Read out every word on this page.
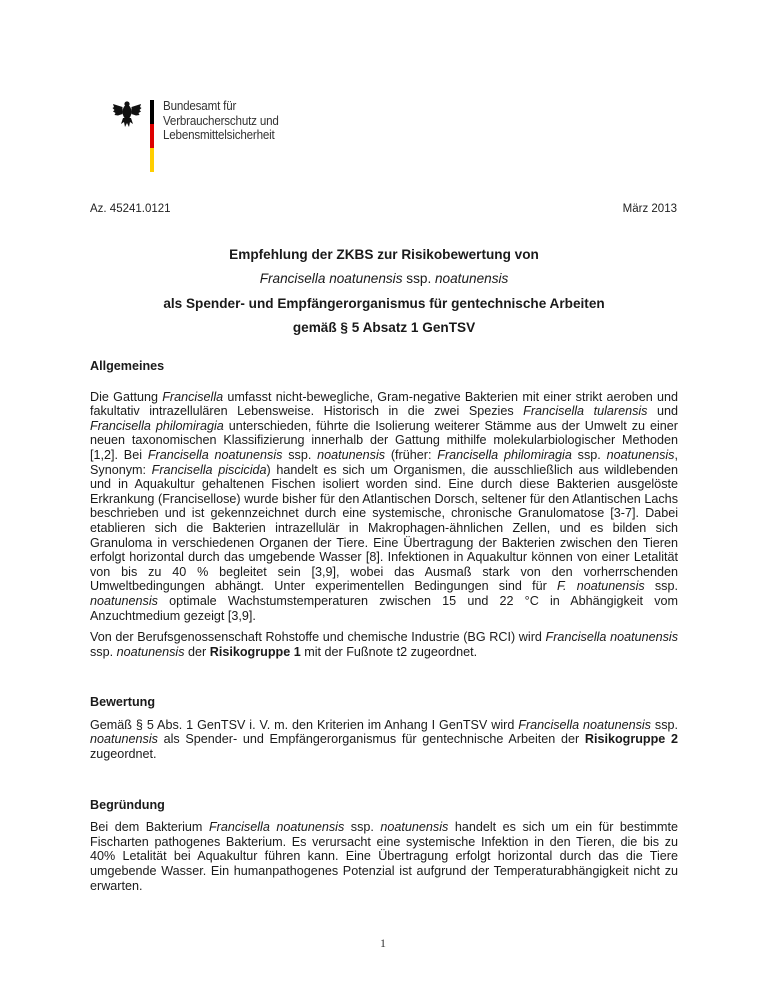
Bundesamt für
Verbraucherschutz und
Lebensmittelsicherheit
Az. 45241.0121	März 2013
Empfehlung der ZKBS zur Risikobewertung von
Francisella noatunensis ssp. noatunensis
als Spender- und Empfängerorganismus für gentechnische Arbeiten
gemäß § 5 Absatz 1 GenTSV
Allgemeines

Die Gattung Francisella umfasst nicht-bewegliche, Gram-negative Bakterien mit einer strikt aeroben und fakultativ intrazellulären Lebensweise. Historisch in die zwei Spezies Francisella tularensis und Francisella philomiragia unterschieden, führte die Isolierung weiterer Stämme aus der Umwelt zu einer neuen taxonomischen Klassifizierung innerhalb der Gattung mithilfe molekularbiologischer Methoden [1,2]. Bei Francisella noatunensis ssp. noatunensis (früher: Francisella philomiragia ssp. noatunensis, Synonym: Francisella piscicida) handelt es sich um Organismen, die ausschließlich aus wildlebenden und in Aquakultur gehaltenen Fischen isoliert worden sind. Eine durch diese Bakterien ausgelöste Erkrankung (Francisellose) wurde bisher für den Atlantischen Dorsch, seltener für den Atlantischen Lachs beschrieben und ist gekennzeichnet durch eine systemische, chronische Granulomatose [3-7]. Dabei etablieren sich die Bakterien intrazellulär in Makrophagen-ähnlichen Zellen, und es bilden sich Granuloma in verschiedenen Organen der Tiere. Eine Übertragung der Bakterien zwischen den Tieren erfolgt horizontal durch das umgebende Wasser [8]. Infektionen in Aquakultur können von einer Letalität von bis zu 40 % begleitet sein [3,9], wobei das Ausmaß stark von den vorherrschenden Umweltbedingungen abhängt. Unter experimentellen Bedingungen sind für F. noatunensis ssp. noatunensis optimale Wachstumstemperaturen zwischen 15 und 22 °C in Abhängigkeit vom Anzuchtmedium gezeigt [3,9].

Von der Berufsgenossenschaft Rohstoffe und chemische Industrie (BG RCI) wird Francisella noatunensis ssp. noatunensis der Risikogruppe 1 mit der Fußnote t2 zugeordnet.

Bewertung

Gemäß § 5 Abs. 1 GenTSV i. V. m. den Kriterien im Anhang I GenTSV wird Francisella noatunensis ssp. noatunensis als Spender- und Empfängerorganismus für gentechnische Arbeiten der Risikogruppe 2 zugeordnet.

Begründung

Bei dem Bakterium Francisella noatunensis ssp. noatunensis handelt es sich um ein für bestimmte Fischarten pathogenes Bakterium. Es verursacht eine systemische Infektion in den Tieren, die bis zu 40% Letalität bei Aquakultur führen kann. Eine Übertragung erfolgt horizontal durch das die Tiere umgebende Wasser. Ein humanpathogenes Potenzial ist aufgrund der Temperaturabhängigkeit nicht zu erwarten.

1
